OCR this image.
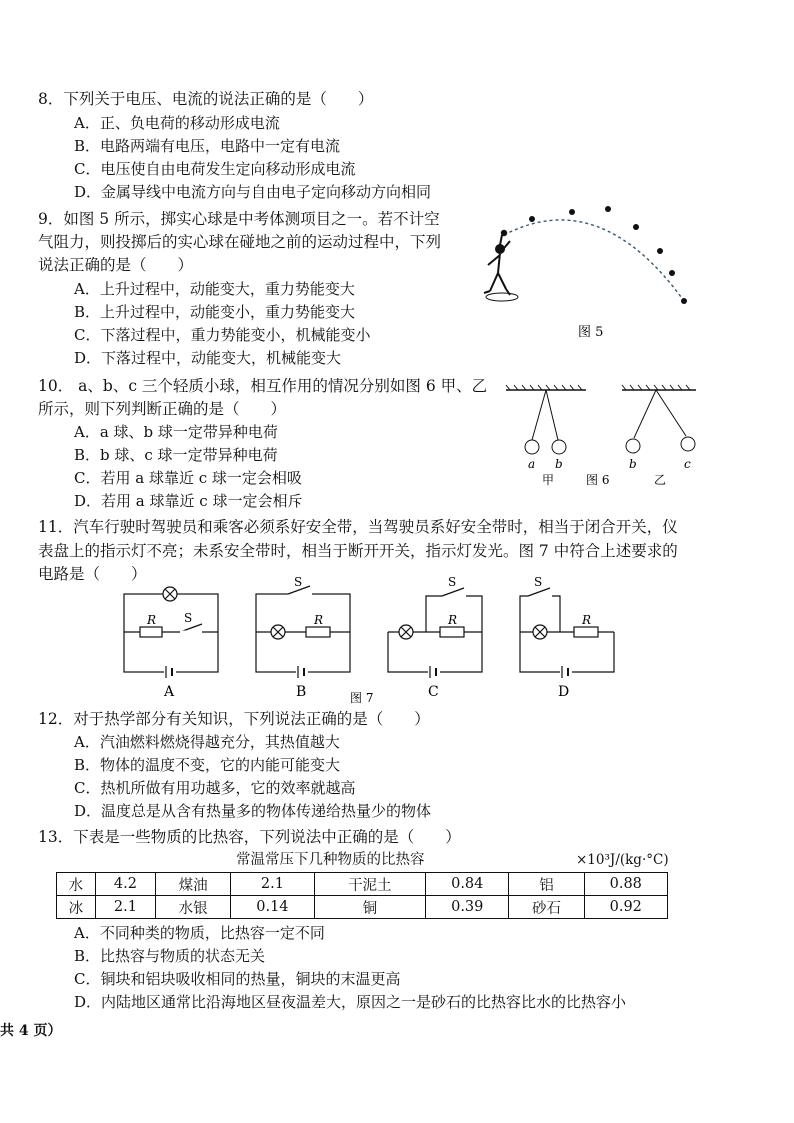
8．下列关于电压、电流的说法正确的是（　　）
A．正、负电荷的移动形成电流
B．电路两端有电压，电路中一定有电流
C．电压使自由电荷发生定向移动形成电流
D．金属导线中电流方向与自由电子定向移动方向相同
9．如图 5 所示，掷实心球是中考体测项目之一。若不计空
气阻力，则投掷后的实心球在碰地之前的运动过程中，下列
说法正确的是（　　）
A．上升过程中，动能变大，重力势能变大
B．上升过程中，动能变小，重力势能变大
C．下落过程中，重力势能变小，机械能变小
D．下落过程中，动能变大，机械能变大
图 5
10． a、b、c 三个轻质小球，相互作用的情况分别如图 6 甲、乙
所示，则下列判断正确的是（　　）
A．a 球、b 球一定带异种电荷
B．b 球、c 球一定带异种电荷
C．若用 a 球靠近 c 球一定会相吸
D．若用 a 球靠近 c 球一定会相斥
a b	b	c
甲	图 6	乙
11．汽车行驶时驾驶员和乘客必须系好安全带，当驾驶员系好安全带时，相当于闭合开关，仪
表盘上的指示灯不亮；未系安全带时，相当于断开开关，指示灯发光。图 7 中符合上述要求的
电路是（　　）
R S
S
R
S
R
S
R
A	B	图 7	C	D
12．对于热学部分有关知识，下列说法正确的是（　　）
A．汽油燃料燃烧得越充分，其热值越大
B．物体的温度不变，它的内能可能变大
C．热机所做有用功越多，它的效率就越高
D．温度总是从含有热量多的物体传递给热量少的物体
13．下表是一些物质的比热容，下列说法中正确的是（　　）
常温常压下几种物质的比热容	×10³J/(kg·°C)
水	4.2	煤油	2.1	干泥土	0.84	铝	0.88
冰	2.1	水银	0.14	铜	0.39	砂石	0.92
A．不同种类的物质，比热容一定不同
B．比热容与物质的状态无关
C．铜块和铝块吸收相同的热量，铜块的末温更高
D．内陆地区通常比沿海地区昼夜温差大，原因之一是砂石的比热容比水的比热容小
共 4 页）
